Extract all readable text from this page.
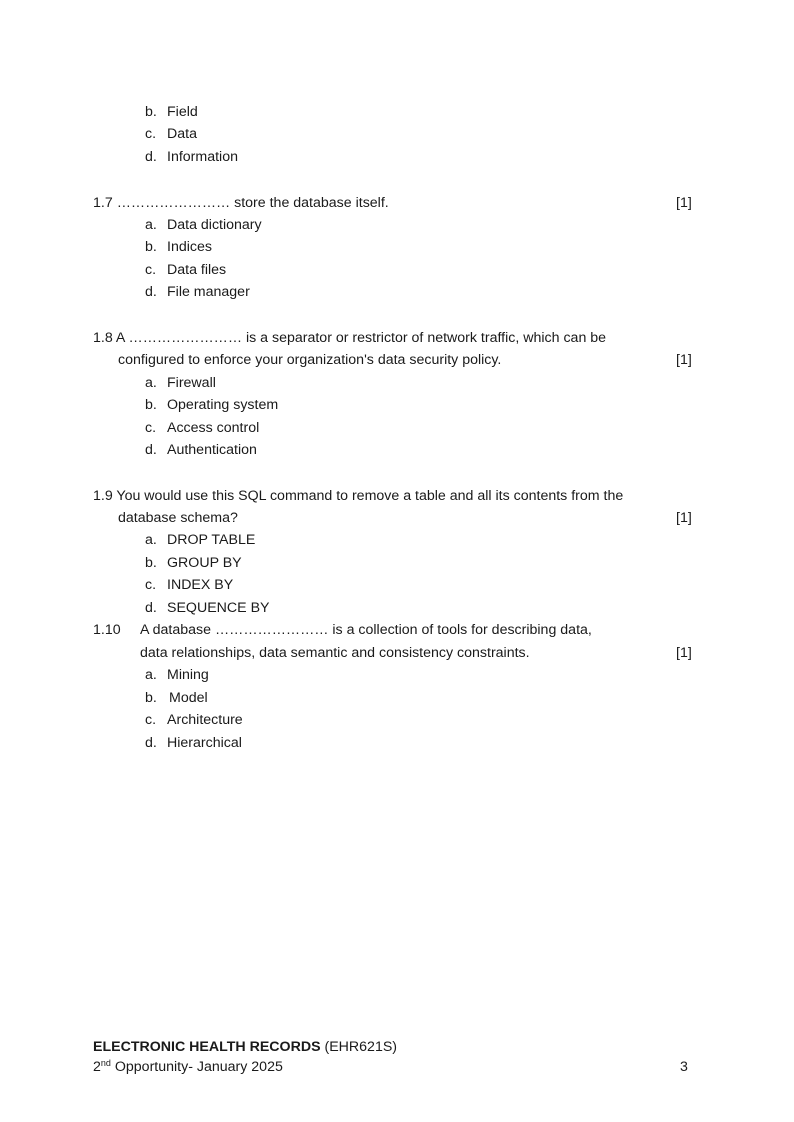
b. Field
c. Data
d. Information
1.7 …………………… store the database itself.	[1]
a. Data dictionary
b. Indices
c. Data files
d. File manager
1.8 A …………………… is a separator or restrictor of network traffic, which can be
configured to enforce your organization's data security policy.	[1]
a. Firewall
b. Operating system
c. Access control
d. Authentication
1.9 You would use this SQL command to remove a table and all its contents from the
database schema?	[1]
a. DROP TABLE
b. GROUP BY
c. INDEX BY
d. SEQUENCE BY
1.10 A database …………………… is a collection of tools for describing data,
data relationships, data semantic and consistency constraints.	[1]
a. Mining
b. Model
c. Architecture
d. Hierarchical
ELECTRONIC HEALTH RECORDS (EHR621S)
2nd Opportunity- January 2025	3
